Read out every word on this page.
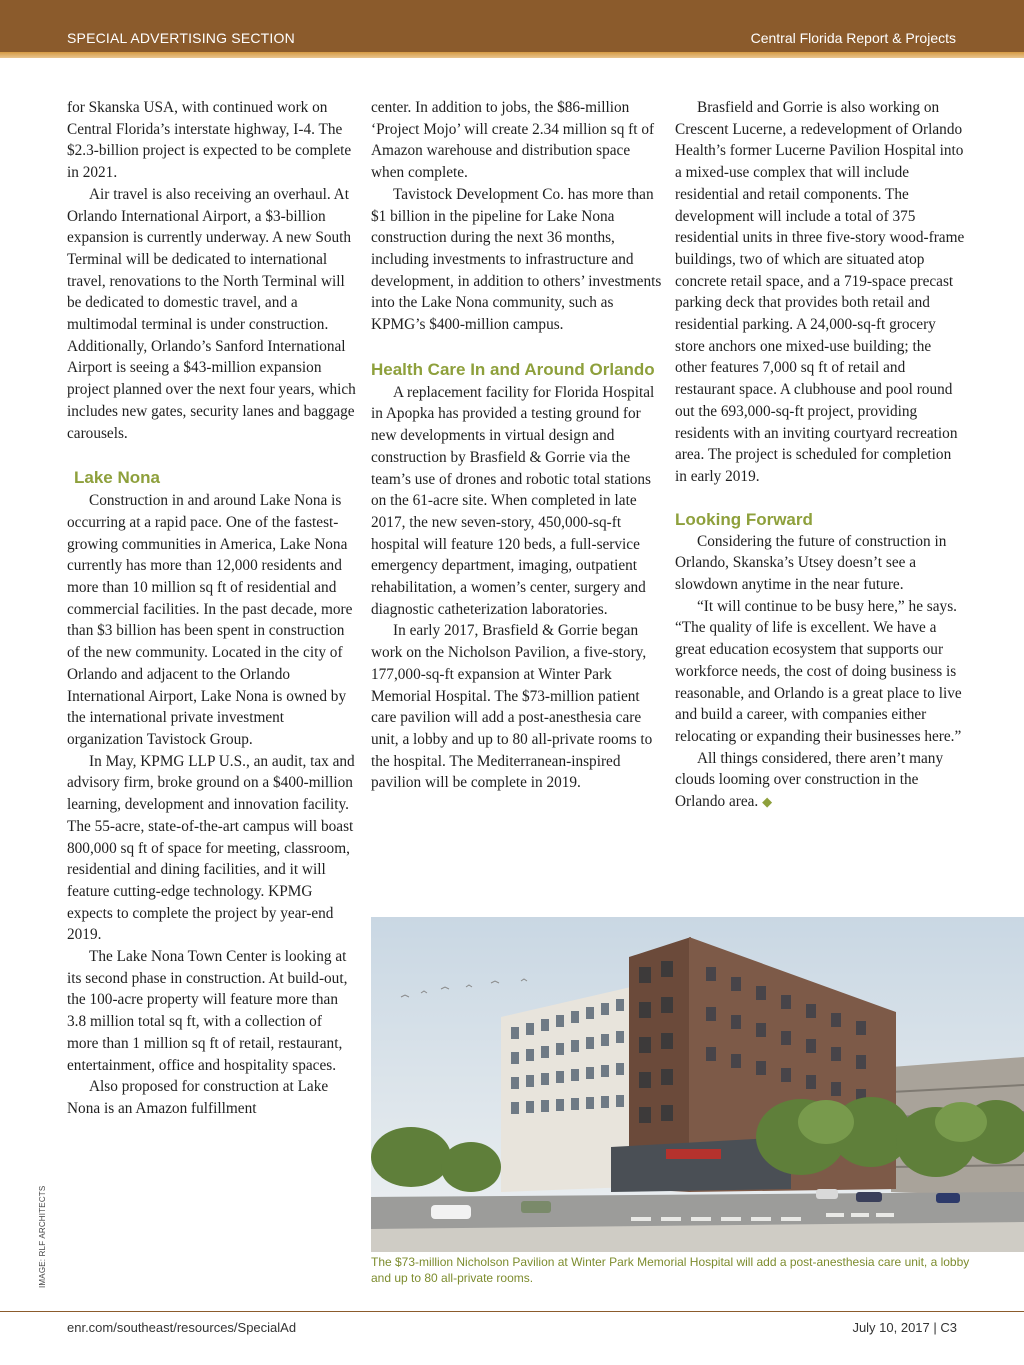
SPECIAL ADVERTISING SECTION	Central Florida Report & Projects

for Skanska USA, with continued work on Central Florida’s interstate highway, I-4. The $2.3-billion project is expected to be complete in 2021.

Air travel is also receiving an overhaul. At Orlando International Airport, a $3-billion expansion is currently underway. A new South Terminal will be dedicated to international travel, renovations to the North Terminal will be dedicated to domestic travel, and a multimodal terminal is under construction. Additionally, Orlando’s Sanford International Airport is seeing a $43-million expansion project planned over the next four years, which includes new gates, security lanes and baggage carousels.

Lake Nona

Construction in and around Lake Nona is occurring at a rapid pace. One of the fastest-growing communities in America, Lake Nona currently has more than 12,000 residents and more than 10 million sq ft of residential and commercial facilities. In the past decade, more than $3 billion has been spent in construction of the new community. Located in the city of Orlando and adjacent to the Orlando International Airport, Lake Nona is owned by the international private investment organization Tavistock Group.

In May, KPMG LLP U.S., an audit, tax and advisory firm, broke ground on a $400-million learning, development and innovation facility. The 55-acre, state-of-the-art campus will boast 800,000 sq ft of space for meeting, classroom, residential and dining facilities, and it will feature cutting-edge technology. KPMG expects to complete the project by year-end 2019.

The Lake Nona Town Center is looking at its second phase in construction. At build-out, the 100-acre property will feature more than 3.8 million total sq ft, with a collection of more than 1 million sq ft of retail, restaurant, entertainment, office and hospitality spaces.

Also proposed for construction at Lake Nona is an Amazon fulfillment

center. In addition to jobs, the $86-million ‘Project Mojo’ will create 2.34 million sq ft of Amazon warehouse and distribution space when complete.

Tavistock Development Co. has more than $1 billion in the pipeline for Lake Nona construction during the next 36 months, including investments to infrastructure and development, in addition to others’ investments into the Lake Nona community, such as KPMG’s $400-million campus.

Health Care In and Around Orlando

A replacement facility for Florida Hospital in Apopka has provided a testing ground for new developments in virtual design and construction by Brasfield & Gorrie via the team’s use of drones and robotic total stations on the 61-acre site. When completed in late 2017, the new seven-story, 450,000-sq-ft hospital will feature 120 beds, a full-service emergency department, imaging, outpatient rehabilitation, a women’s center, surgery and diagnostic catheterization laboratories.

In early 2017, Brasfield & Gorrie began work on the Nicholson Pavilion, a five-story, 177,000-sq-ft expansion at Winter Park Memorial Hospital. The $73-million patient care pavilion will add a post-anesthesia care unit, a lobby and up to 80 all-private rooms to the hospital. The Mediterranean-inspired pavilion will be complete in 2019.

Brasfield and Gorrie is also working on Crescent Lucerne, a redevelopment of Orlando Health’s former Lucerne Pavilion Hospital into a mixed-use complex that will include residential and retail components. The development will include a total of 375 residential units in three five-story wood-frame buildings, two of which are situated atop concrete retail space, and a 719-space precast parking deck that provides both retail and residential parking. A 24,000-sq-ft grocery store anchors one mixed-use building; the other features 7,000 sq ft of retail and restaurant space. A clubhouse and pool round out the 693,000-sq-ft project, providing residents with an inviting courtyard recreation area. The project is scheduled for completion in early 2019.

Looking Forward

Considering the future of construction in Orlando, Skanska’s Utsey doesn’t see a slowdown anytime in the near future.

“It will continue to be busy here,” he says. “The quality of life is excellent. We have a great education ecosystem that supports our workforce needs, the cost of doing business is reasonable, and Orlando is a great place to live and build a career, with companies either relocating or expanding their businesses here.”

All things considered, there aren’t many clouds looming over construction in the Orlando area. ◆

The $73-million Nicholson Pavilion at Winter Park Memorial Hospital will add a post-anesthesia care unit, a lobby and up to 80 all-private rooms.
IMAGE: RLF ARCHITECTS
enr.com/southeast/resources/SpecialAd	July 10, 2017 | C3
